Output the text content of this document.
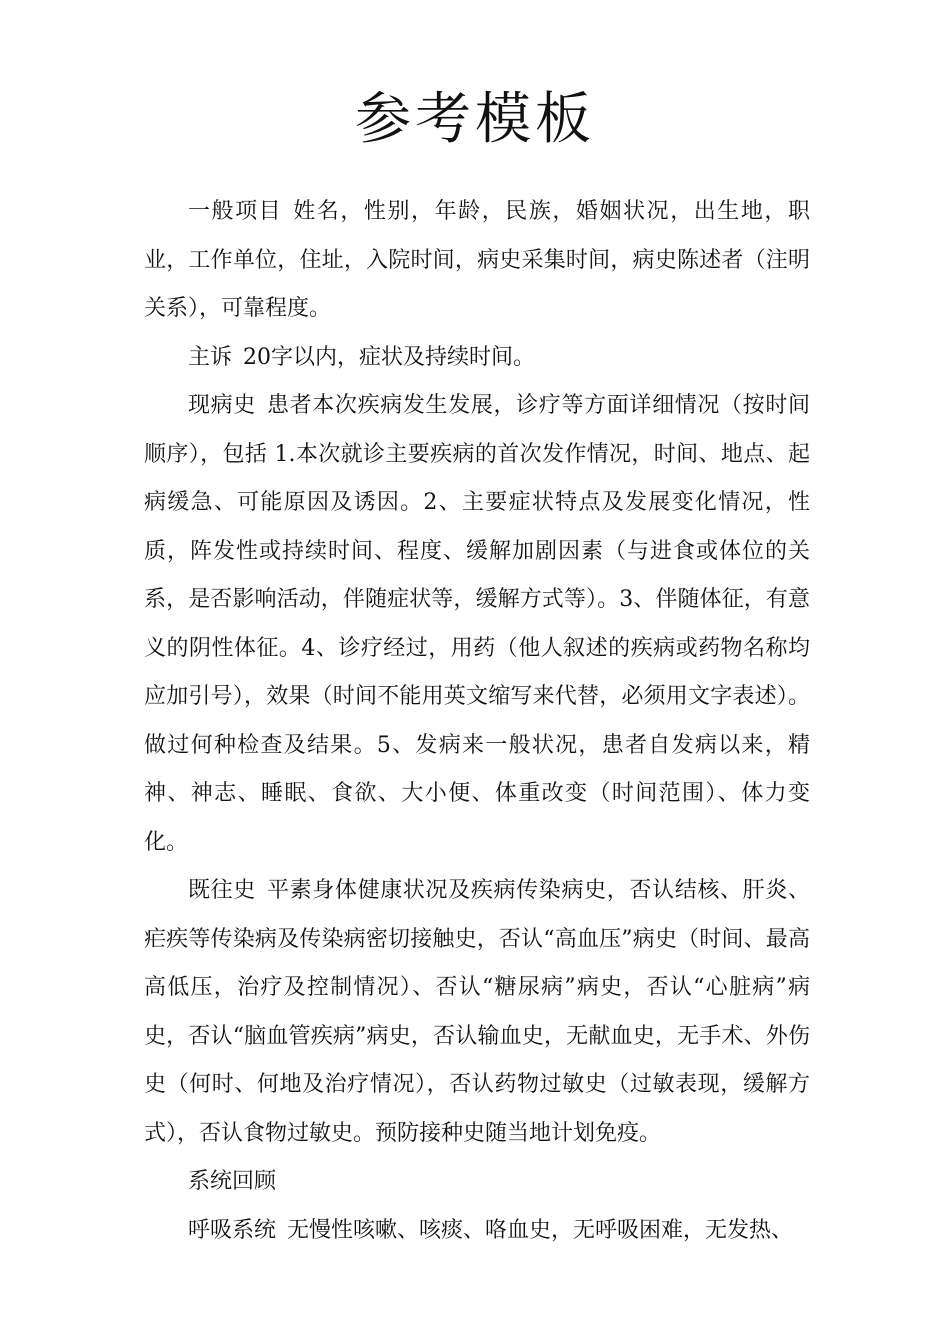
参考模板

一般项目 姓名，性别，年龄，民族，婚姻状况，出生地，职业，工作单位，住址，入院时间，病史采集时间，病史陈述者（注明关系），可靠程度。

主诉 20字以内，症状及持续时间。

现病史 患者本次疾病发生发展，诊疗等方面详细情况（按时间顺序），包括 1.本次就诊主要疾病的首次发作情况，时间、地点、起病缓急、可能原因及诱因。2、主要症状特点及发展变化情况，性质，阵发性或持续时间、程度、缓解加剧因素（与进食或体位的关系，是否影响活动，伴随症状等，缓解方式等）。3、伴随体征，有意义的阴性体征。4、诊疗经过，用药（他人叙述的疾病或药物名称均应加引号），效果（时间不能用英文缩写来代替，必须用文字表述）。做过何种检查及结果。5、发病来一般状况，患者自发病以来，精神、神志、睡眠、食欲、大小便、体重改变（时间范围）、体力变化。

既往史 平素身体健康状况及疾病传染病史，否认结核、肝炎、疟疾等传染病及传染病密切接触史，否认“高血压”病史（时间、最高高低压，治疗及控制情况）、否认“糖尿病”病史，否认“心脏病”病史，否认“脑血管疾病”病史，否认输血史，无献血史，无手术、外伤史（何时、何地及治疗情况），否认药物过敏史（过敏表现，缓解方式），否认食物过敏史。预防接种史随当地计划免疫。

系统回顾

呼吸系统 无慢性咳嗽、咳痰、咯血史，无呼吸困难，无发热、
